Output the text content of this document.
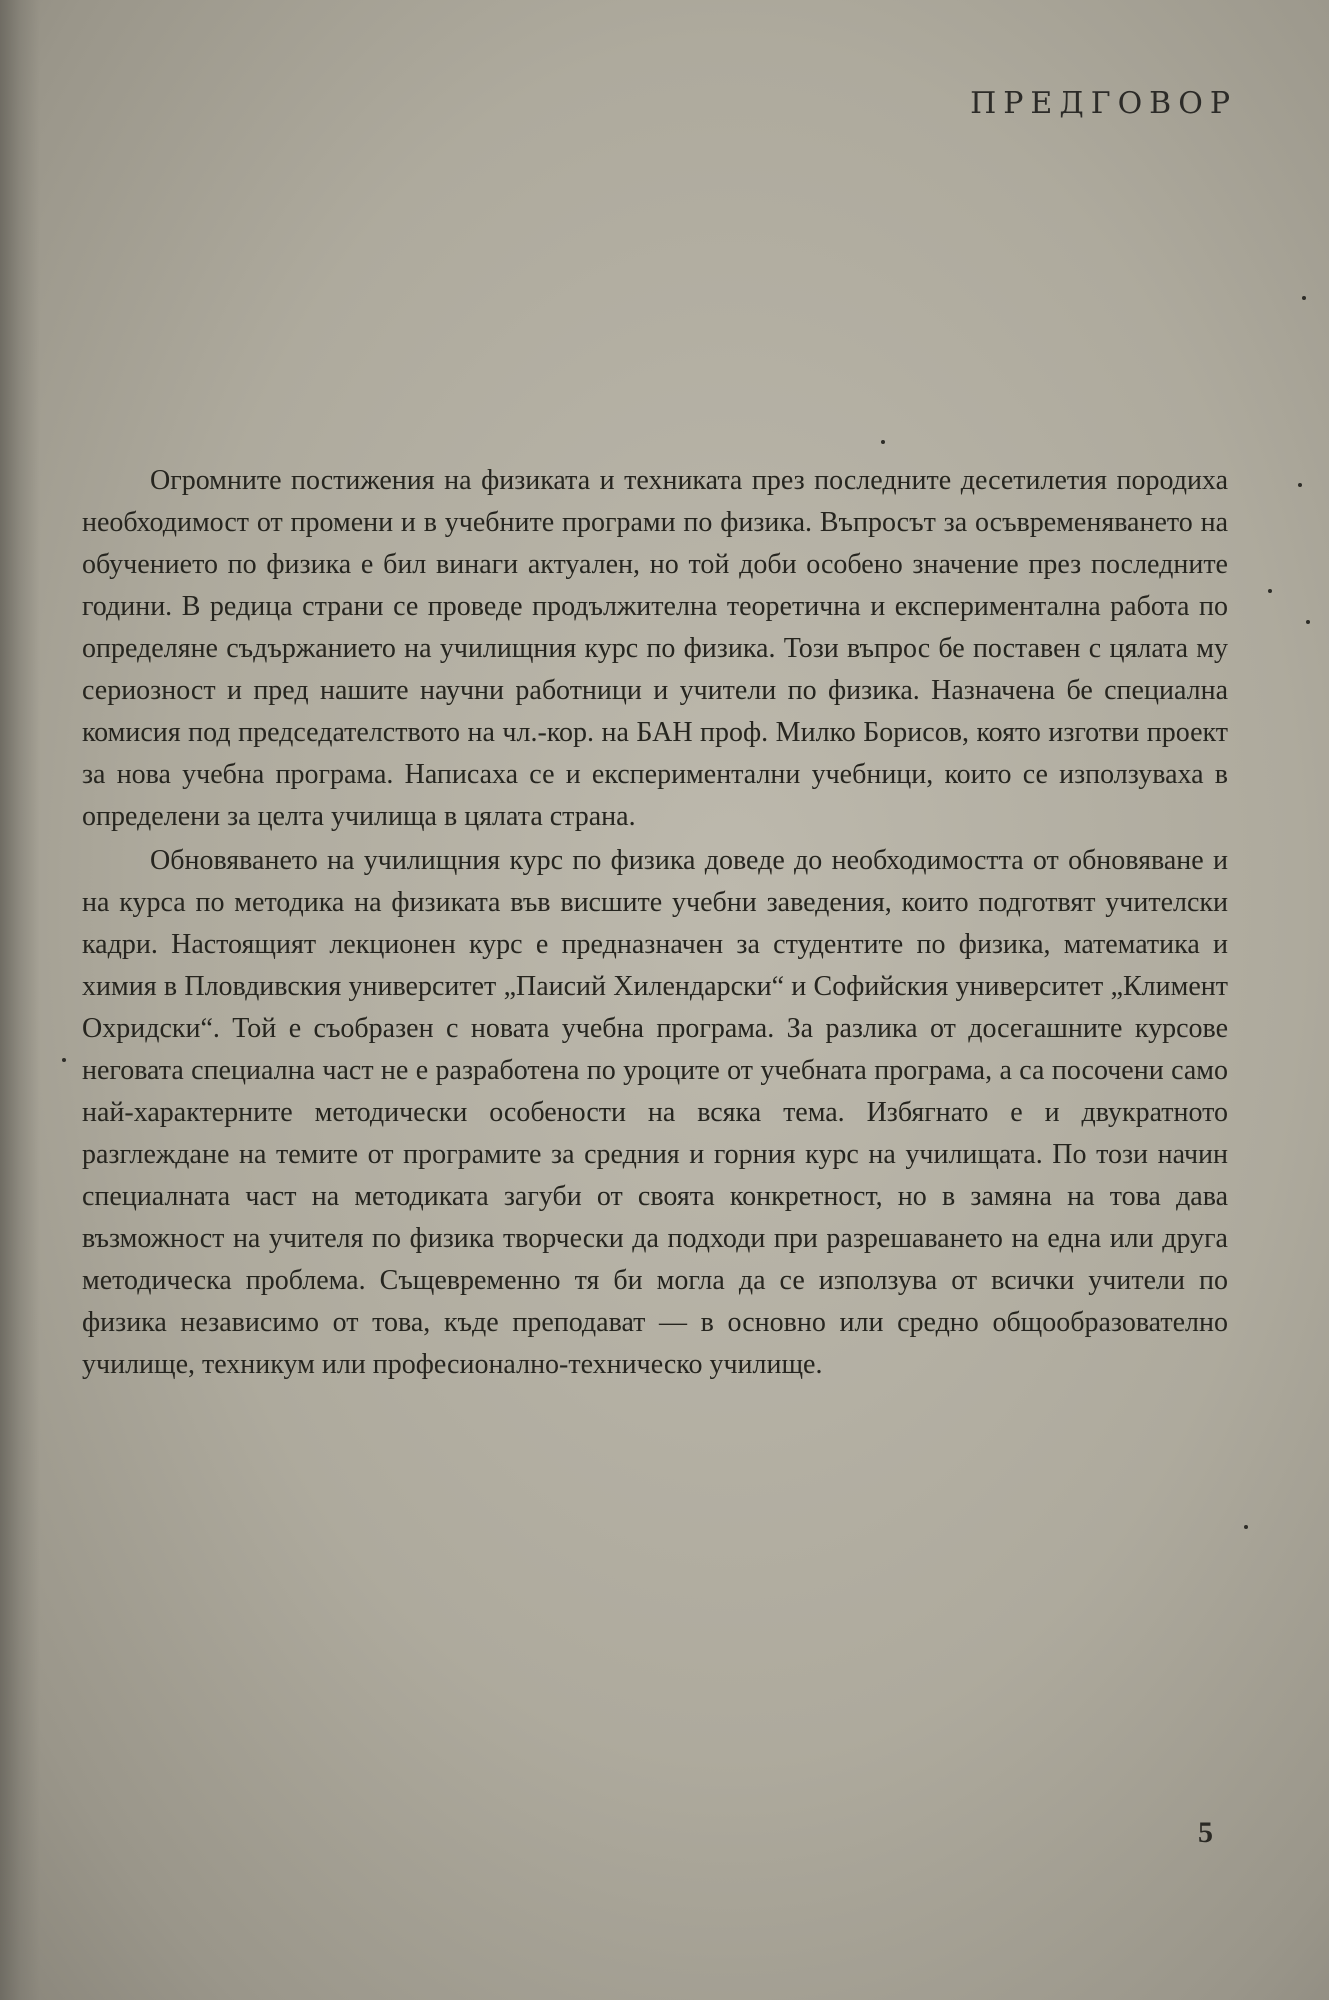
ПРЕДГОВОР

Огромните постижения на физиката и техниката през последните десетилетия породиха необходимост от промени и в учебните програми по физика. Въпросът за осъвременяването на обучението по физика е бил винаги актуален, но той доби особено значение през последните години. В редица страни се проведе продължителна теоретична и експериментална работа по определяне съдържанието на училищния курс по физика. Този въпрос бе поставен с цялата му сериозност и пред нашите научни работници и учители по физика. Назначена бе специална комисия под председателството на чл.-кор. на БАН проф. Милко Борисов, която изготви проект за нова учебна програма. Написаха се и експериментални учебници, които се използуваха в определени за целта училища в цялата страна.

Обновяването на училищния курс по физика доведе до необходимостта от обновяване и на курса по методика на физиката във висшите учебни заведения, които подготвят учителски кадри. Настоящият лекционен курс е предназначен за студентите по физика, математика и химия в Пловдивския университет „Паисий Хилендарски“ и Софийския университет „Климент Охридски“. Той е съобразен с новата учебна програма. За разлика от досегашните курсове неговата специална част не е разработена по уроците от учебната програма, а са посочени само най-характерните методически особености на всяка тема. Избягнато е и двукратното разглеждане на темите от програмите за средния и горния курс на училищата. По този начин специалната част на методиката загуби от своята конкретност, но в замяна на това дава възможност на учителя по физика творчески да подходи при разрешаването на една или друга методическа проблема. Същевременно тя би могла да се използува от всички учители по физика независимо от това, къде преподават — в основно или средно общообразователно училище, техникум или професионално-техническо училище.

5
